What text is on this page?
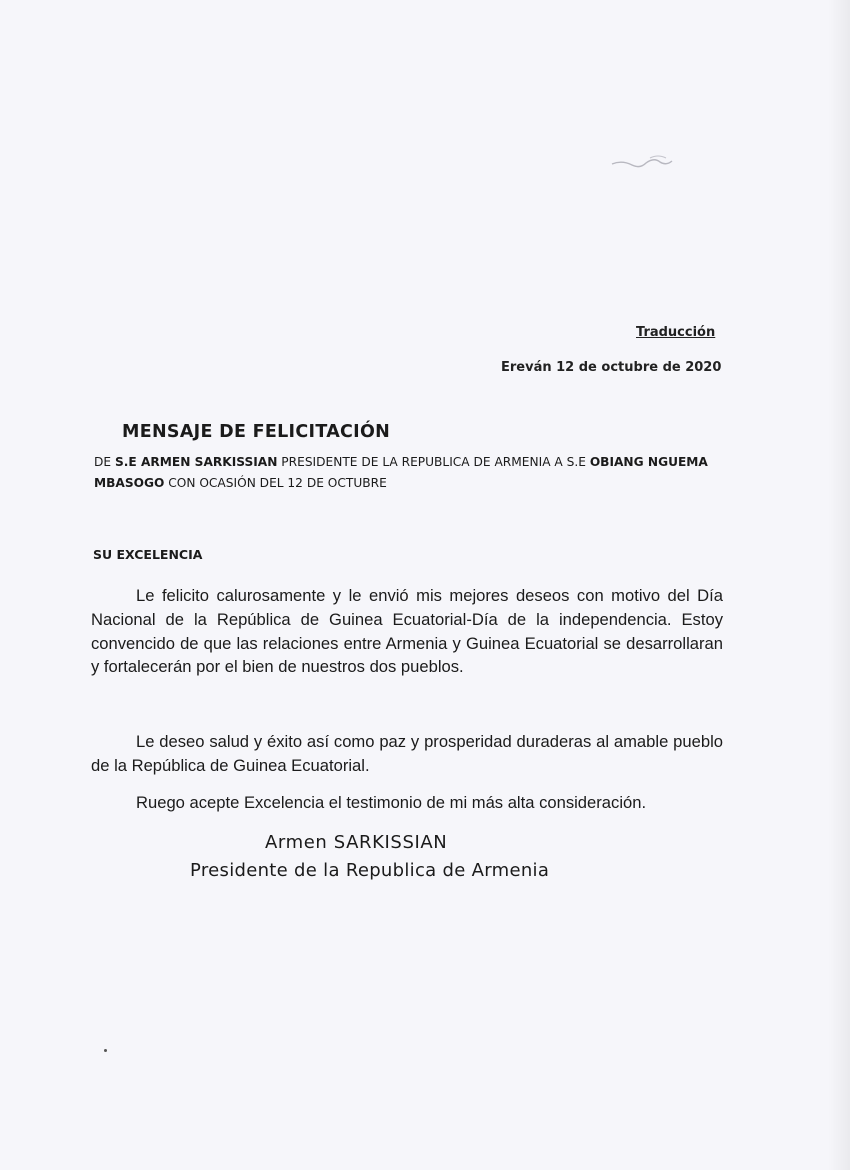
Traducción
Ereván 12 de octubre de 2020
MENSAJE DE FELICITACIÓN
DE S.E ARMEN SARKISSIAN PRESIDENTE DE LA REPUBLICA DE ARMENIA A S.E OBIANG NGUEMA
MBASOGO CON OCASIÓN DEL 12 DE OCTUBRE
SU EXCELENCIA

Le felicito calurosamente y le envió mis mejores deseos con motivo del Día Nacional de la República de Guinea Ecuatorial-Día de la independencia. Estoy convencido de que las relaciones entre Armenia y Guinea Ecuatorial se desarrollaran y fortalecerán por el bien de nuestros dos pueblos.

Le deseo salud y éxito así como paz y prosperidad duraderas al amable pueblo de la República de Guinea Ecuatorial.

Ruego acepte Excelencia el testimonio de mi más alta consideración.

Armen SARKISSIAN
Presidente de la Republica de Armenia
